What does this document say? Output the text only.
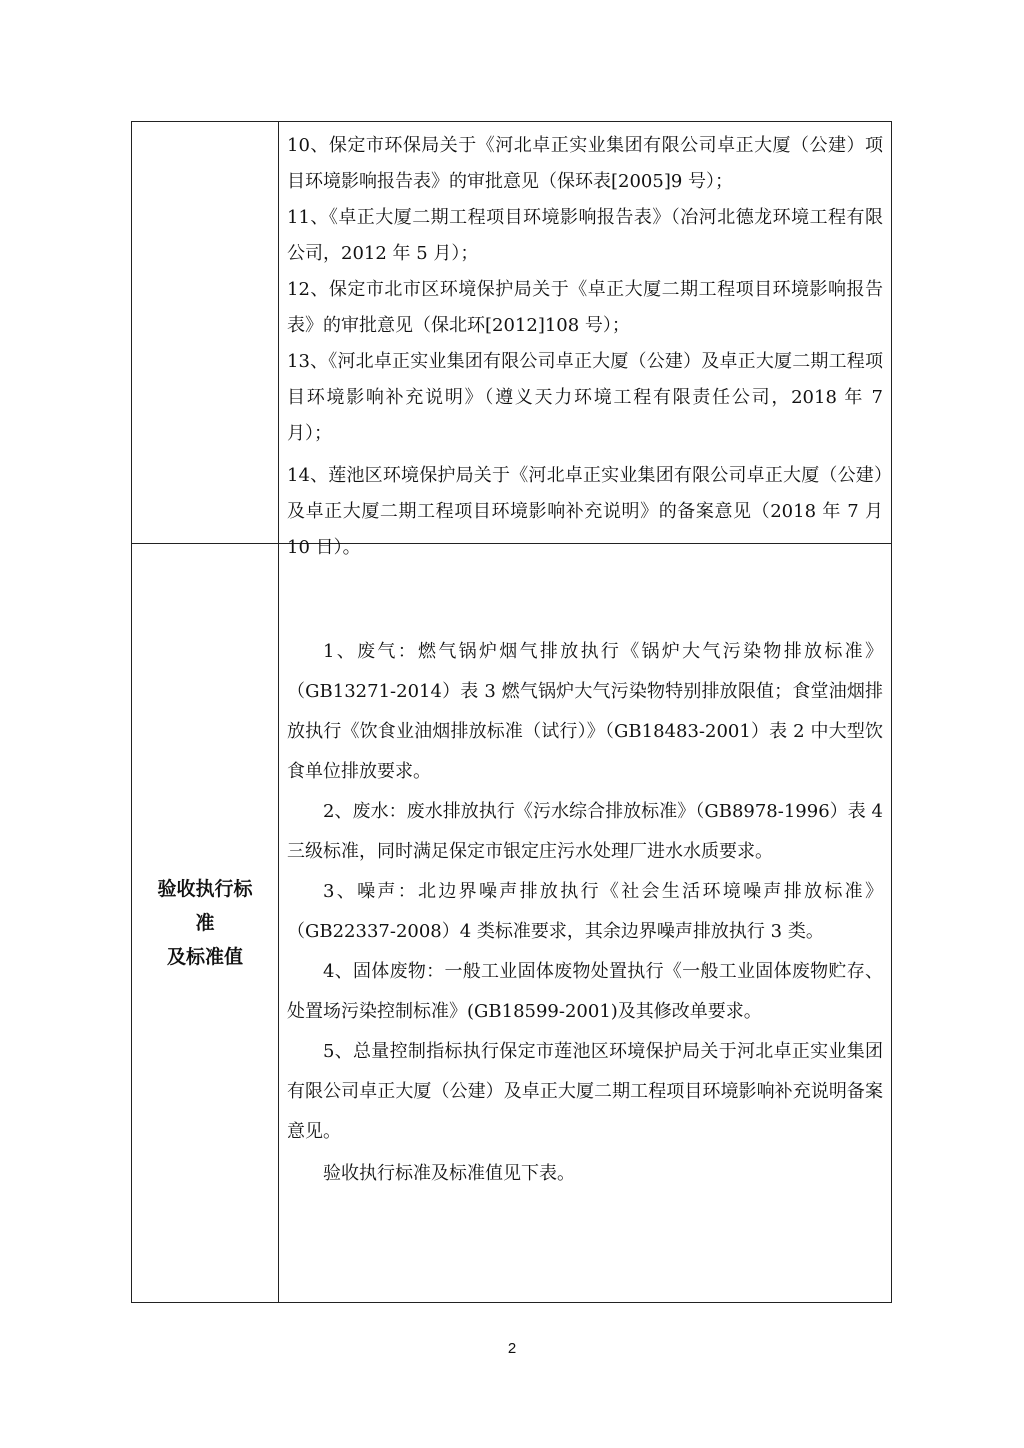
10、保定市环保局关于《河北卓正实业集团有限公司卓正大厦（公建）项目环境影响报告表》的审批意见（保环表[2005]9 号）；

11、《卓正大厦二期工程项目环境影响报告表》（冶河北德龙环境工程有限公司，2012 年 5 月）；

12、保定市北市区环境保护局关于《卓正大厦二期工程项目环境影响报告表》的审批意见（保北环[2012]108 号）；

13、《河北卓正实业集团有限公司卓正大厦（公建）及卓正大厦二期工程项目环境影响补充说明》（遵义天力环境工程有限责任公司，2018 年 7 月）；

14、莲池区环境保护局关于《河北卓正实业集团有限公司卓正大厦（公建）及卓正大厦二期工程项目环境影响补充说明》的备案意见（2018 年 7 月 10 日）。

验收执行标准
及标准值

1、废气：燃气锅炉烟气排放执行《锅炉大气污染物排放标准》（GB13271-2014）表 3 燃气锅炉大气污染物特别排放限值；食堂油烟排放执行《饮食业油烟排放标准（试行）》（GB18483-2001）表 2 中大型饮食单位排放要求。

2、废水：废水排放执行《污水综合排放标准》（GB8978-1996）表 4 三级标准，同时满足保定市银定庄污水处理厂进水水质要求。

3、噪声：北边界噪声排放执行《社会生活环境噪声排放标准》（GB22337-2008）4 类标准要求，其余边界噪声排放执行 3 类。

4、固体废物：一般工业固体废物处置执行《一般工业固体废物贮存、处置场污染控制标准》(GB18599-2001)及其修改单要求。

5、总量控制指标执行保定市莲池区环境保护局关于河北卓正实业集团有限公司卓正大厦（公建）及卓正大厦二期工程项目环境影响补充说明备案意见。

验收执行标准及标准值见下表。

2
